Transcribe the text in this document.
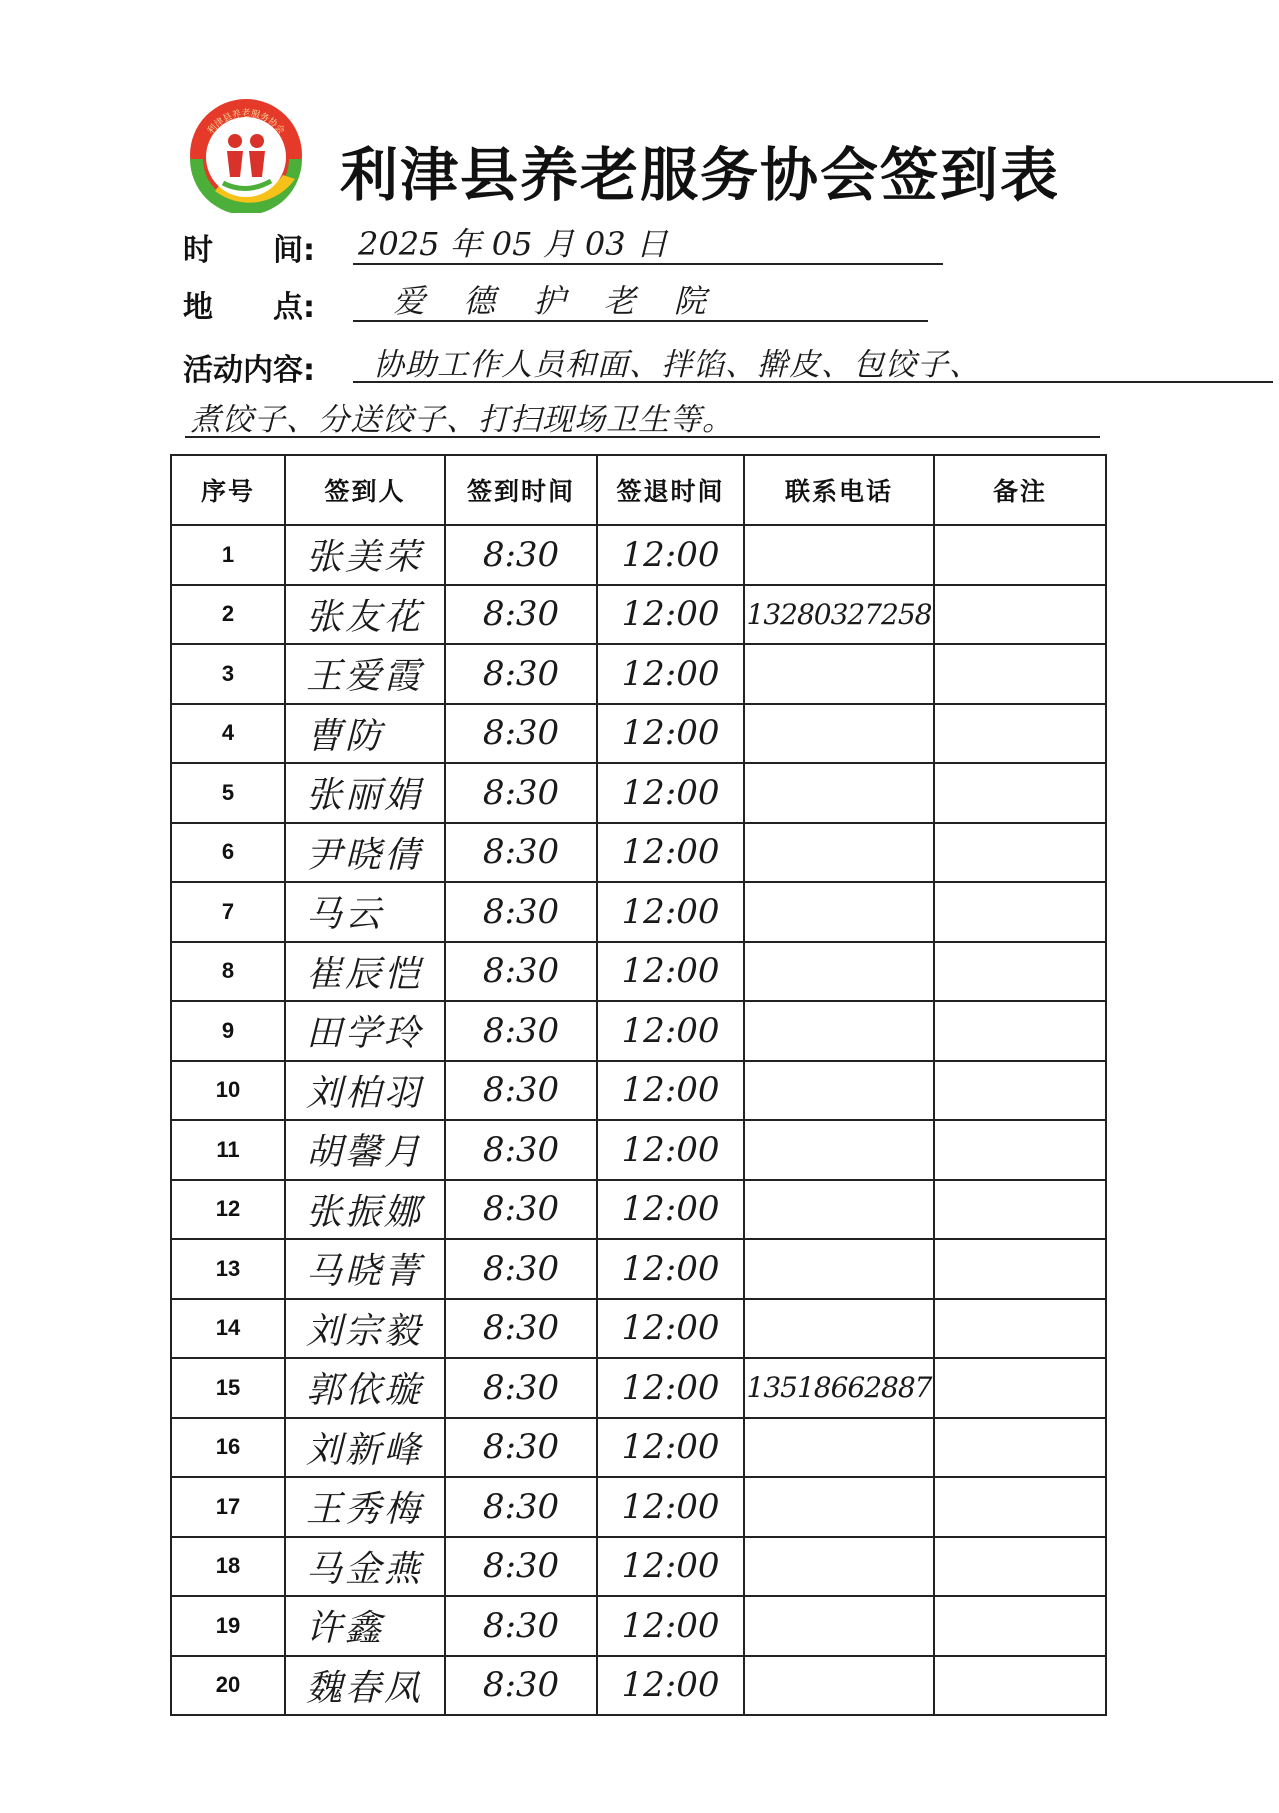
利津县养老服务协会
利津县养老服务协会签到表
时　　间: 2025 年 05 月 03 日
地　　点: 爱 德 护 老 院
活动内容: 协助工作人员和面、拌馅、擀皮、包饺子、
煮饺子、分送饺子、打扫现场卫生等。
序号	签到人	签到时间	签退时间	联系电话	备注
1	张美荣	8:30	12:00		
2	张友花	8:30	12:00	13280327258	
3	王爱霞	8:30	12:00		
4	曹防	8:30	12:00		
5	张丽娟	8:30	12:00		
6	尹晓倩	8:30	12:00		
7	马云	8:30	12:00		
8	崔辰恺	8:30	12:00		
9	田学玲	8:30	12:00		
10	刘柏羽	8:30	12:00		
11	胡馨月	8:30	12:00		
12	张振娜	8:30	12:00		
13	马晓菁	8:30	12:00		
14	刘宗毅	8:30	12:00		
15	郭依璇	8:30	12:00	13518662887	
16	刘新峰	8:30	12:00		
17	王秀梅	8:30	12:00		
18	马金燕	8:30	12:00		
19	许鑫	8:30	12:00		
20	魏春凤	8:30	12:00		
